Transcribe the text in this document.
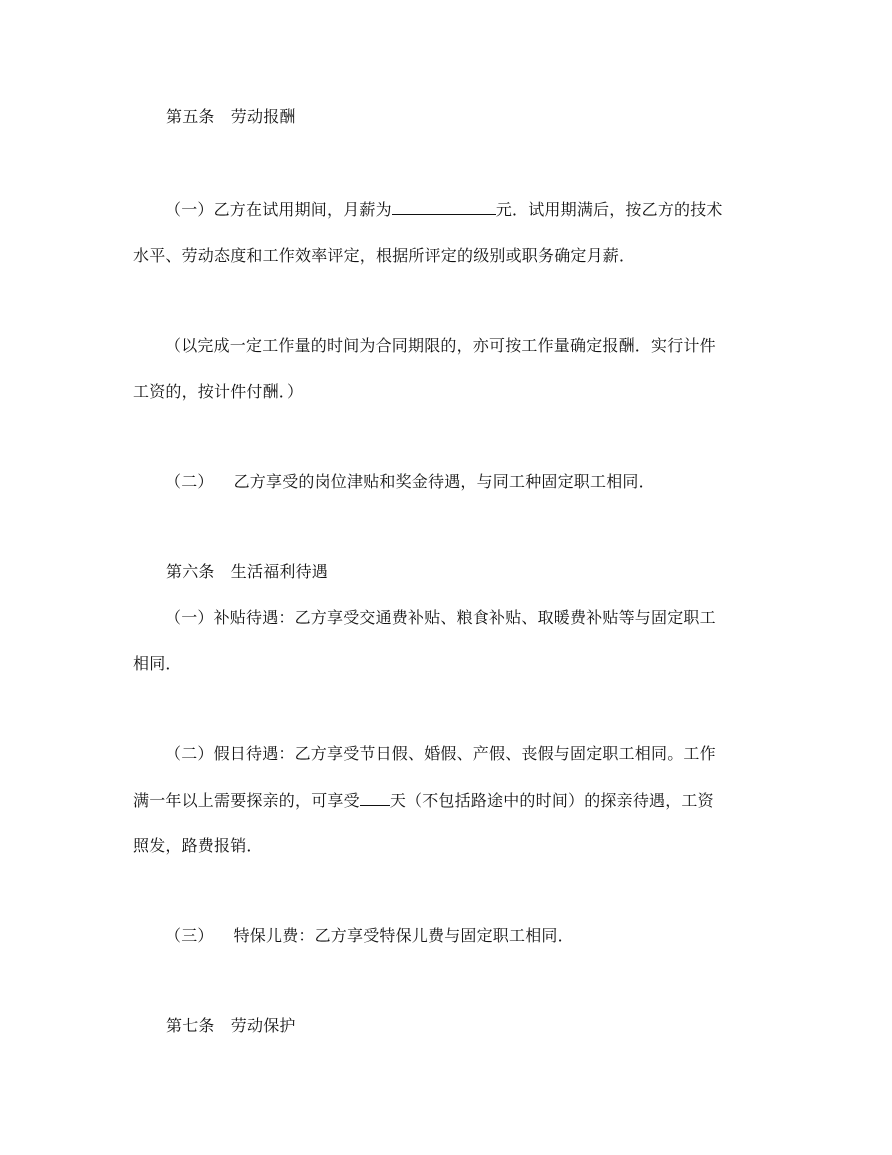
第五条　劳动报酬
（一）乙方在试用期间，月薪为	元．试用期满后，按乙方的技术
水平、劳动态度和工作效率评定，根据所评定的级别或职务确定月薪．
（以完成一定工作量的时间为合同期限的，亦可按工作量确定报酬．实行计件
工资的，按计件付酬．）
（二） 乙方享受的岗位津贴和奖金待遇，与同工种固定职工相同．
第六条　生活福利待遇
（一）补贴待遇：乙方享受交通费补贴、粮食补贴、取暖费补贴等与固定职工
相同．
（二）假日待遇：乙方享受节日假、婚假、产假、丧假与固定职工相同。工作
满一年以上需要探亲的，可享受 天（不包括路途中的时间）的探亲待遇，工资
照发，路费报销．
（三） 特保儿费：乙方享受特保儿费与固定职工相同．
第七条　劳动保护
